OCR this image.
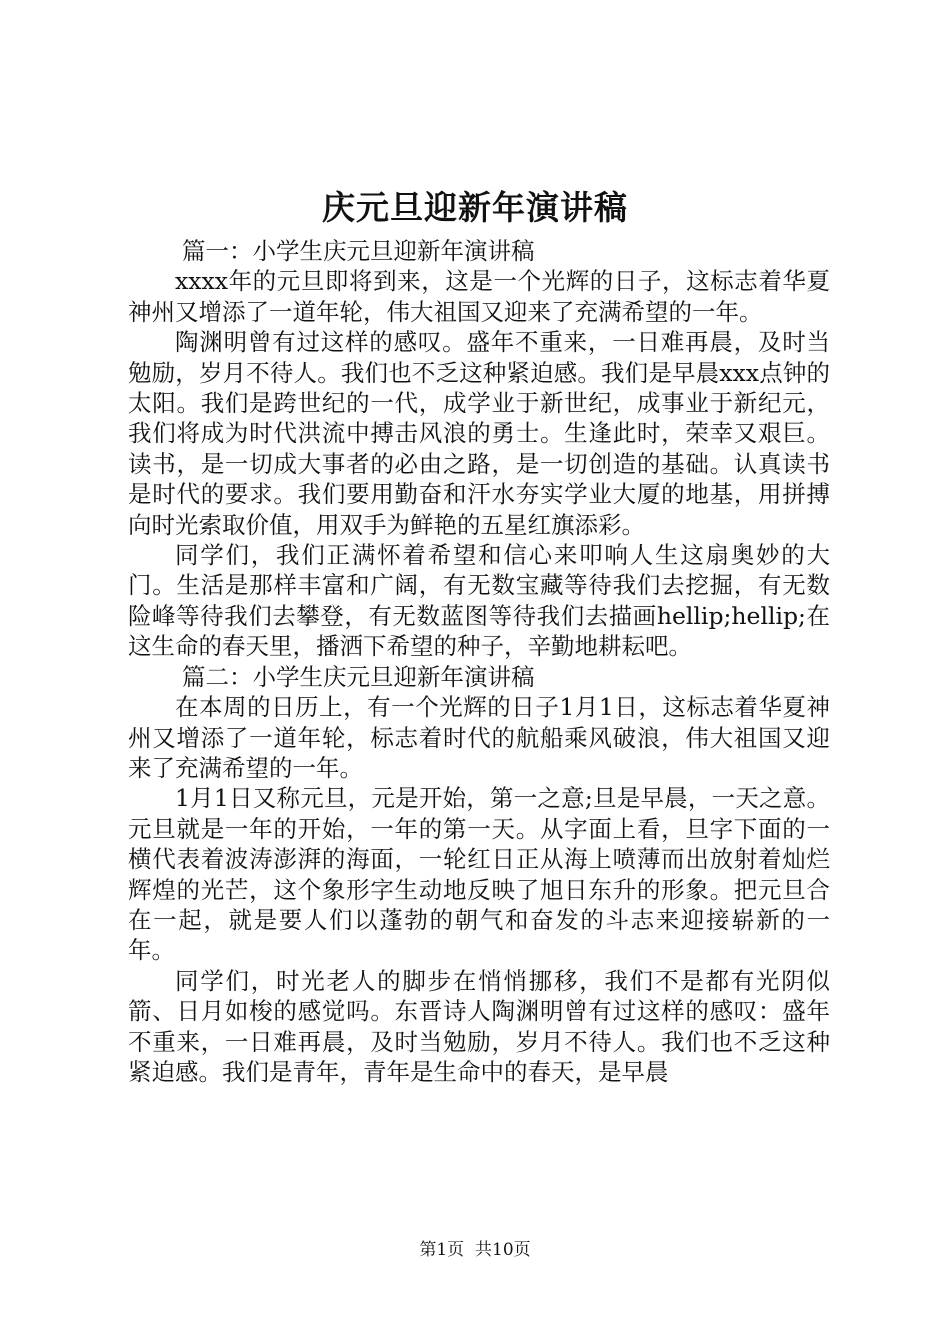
庆元旦迎新年演讲稿

篇一：小学生庆元旦迎新年演讲稿

xxxx年的元旦即将到来，这是一个光辉的日子，这标志着华夏神州又增添了一道年轮，伟大祖国又迎来了充满希望的一年。

陶渊明曾有过这样的感叹。盛年不重来，一日难再晨，及时当勉励，岁月不待人。我们也不乏这种紧迫感。我们是早晨xxx点钟的太阳。我们是跨世纪的一代，成学业于新世纪，成事业于新纪元，我们将成为时代洪流中搏击风浪的勇士。生逢此时，荣幸又艰巨。读书，是一切成大事者的必由之路，是一切创造的基础。认真读书是时代的要求。我们要用勤奋和汗水夯实学业大厦的地基，用拼搏向时光索取价值，用双手为鲜艳的五星红旗添彩。

同学们，我们正满怀着希望和信心来叩响人生这扇奥妙的大门。生活是那样丰富和广阔，有无数宝藏等待我们去挖掘，有无数险峰等待我们去攀登，有无数蓝图等待我们去描画hellip;hellip;在这生命的春天里，播洒下希望的种子，辛勤地耕耘吧。

篇二：小学生庆元旦迎新年演讲稿

在本周的日历上，有一个光辉的日子1月1日，这标志着华夏神州又增添了一道年轮，标志着时代的航船乘风破浪，伟大祖国又迎来了充满希望的一年。

1月1日又称元旦，元是开始，第一之意;旦是早晨，一天之意。元旦就是一年的开始，一年的第一天。从字面上看，旦字下面的一横代表着波涛澎湃的海面，一轮红日正从海上喷薄而出放射着灿烂辉煌的光芒，这个象形字生动地反映了旭日东升的形象。把元旦合在一起，就是要人们以蓬勃的朝气和奋发的斗志来迎接崭新的一年。

同学们，时光老人的脚步在悄悄挪移，我们不是都有光阴似箭、日月如梭的感觉吗。东晋诗人陶渊明曾有过这样的感叹：盛年不重来，一日难再晨，及时当勉励，岁月不待人。我们也不乏这种紧迫感。我们是青年，青年是生命中的春天，是早晨

第1页 共10页
